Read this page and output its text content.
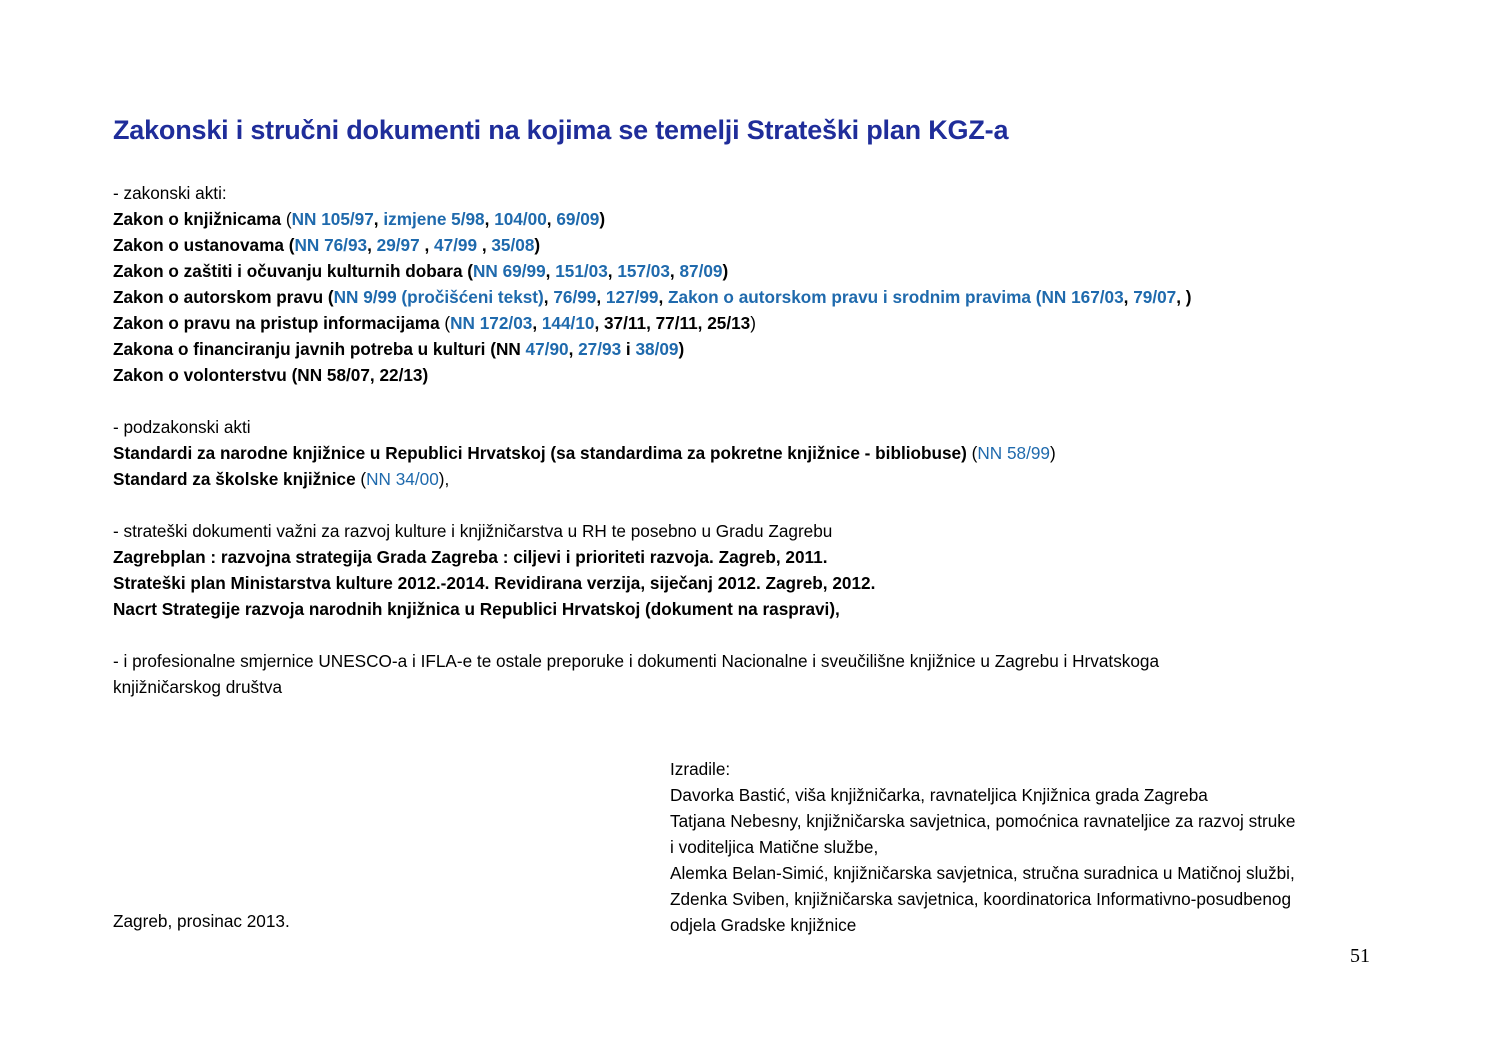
Zakonski i stručni dokumenti na kojima se temelji Strateški plan KGZ-a
- zakonski akti:
Zakon o knjižnicama (NN 105/97, izmjene 5/98, 104/00, 69/09)
Zakon o ustanovama (NN 76/93, 29/97 , 47/99 , 35/08)
Zakon o zaštiti i očuvanju kulturnih dobara (NN 69/99, 151/03, 157/03, 87/09)
Zakon o autorskom pravu (NN 9/99 (pročišćeni tekst), 76/99, 127/99, Zakon o autorskom pravu i srodnim pravima (NN 167/03, 79/07, )
Zakon o pravu na pristup informacijama (NN 172/03, 144/10, 37/11, 77/11, 25/13)
Zakona o financiranju javnih potreba u kulturi (NN 47/90, 27/93 i 38/09)
Zakon o volonterstvu (NN 58/07, 22/13)
- podzakonski akti
Standardi za narodne knjižnice u Republici Hrvatskoj (sa standardima za pokretne knjižnice - bibliobuse) (NN 58/99)
Standard za školske knjižnice (NN 34/00),
- strateški dokumenti važni za razvoj kulture i knjižničarstva u RH te posebno u Gradu Zagrebu
Zagrebplan : razvojna strategija Grada Zagreba : ciljevi i prioriteti razvoja. Zagreb, 2011.
Strateški plan Ministarstva kulture 2012.-2014. Revidirana verzija, siječanj 2012. Zagreb, 2012.
Nacrt Strategije razvoja narodnih knjižnica u Republici Hrvatskoj (dokument na raspravi),
- i profesionalne smjernice UNESCO-a i IFLA-e te ostale preporuke i dokumenti Nacionalne i sveučilišne knjižnice u Zagrebu i Hrvatskoga
knjižničarskog društva
Izradile:
Davorka Bastić, viša knjižničarka, ravnateljica Knjižnica grada Zagreba
Tatjana Nebesny, knjižničarska savjetnica, pomoćnica ravnateljice za razvoj struke
i voditeljica Matične službe,
Alemka Belan-Simić, knjižničarska savjetnica, stručna suradnica u Matičnoj službi,
Zdenka Sviben, knjižničarska savjetnica, koordinatorica Informativno-posudbenog
odjela Gradske knjižnice
Zagreb, prosinac 2013.
51
